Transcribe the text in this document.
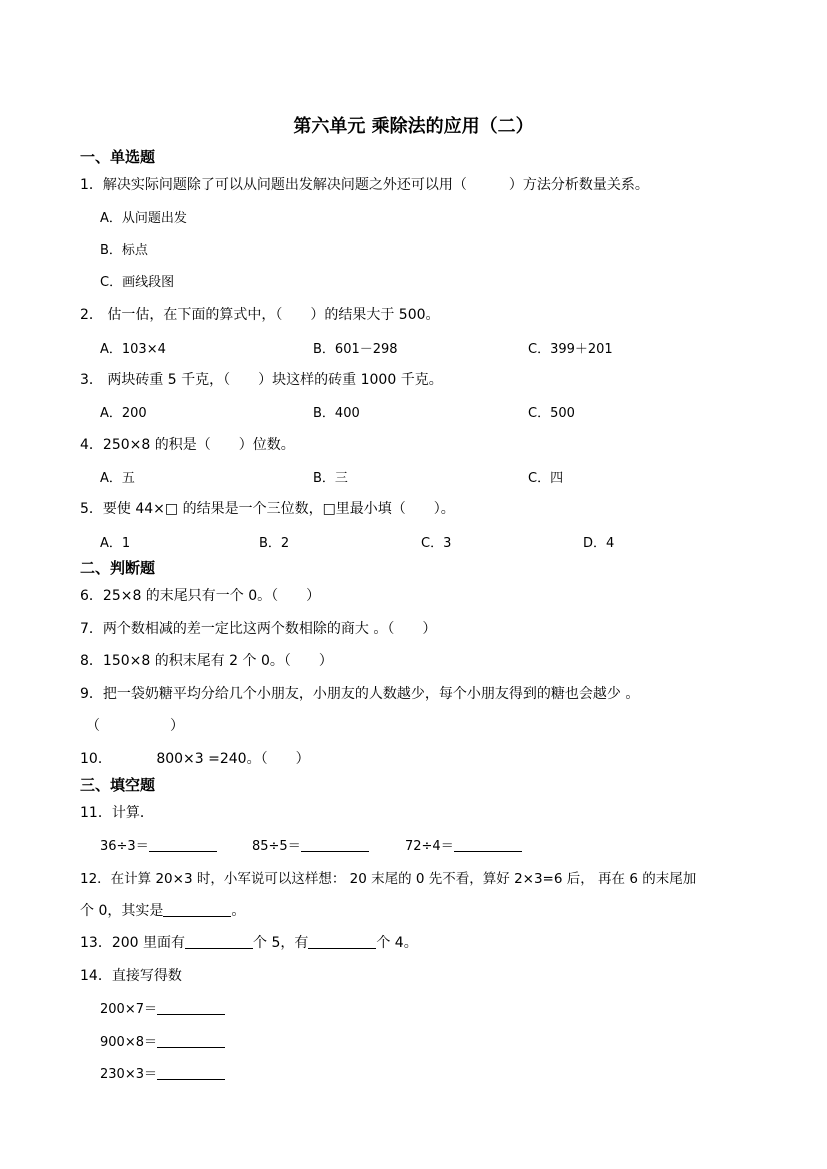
第六单元 乘除法的应用（二）
一、单选题
1．解决实际问题除了可以从问题出发解决问题之外还可以用（　　　）方法分析数量关系。
A．从问题出发
B．标点
C．画线段图
2． 估一估，在下面的算式中，（　　）的结果大于 500。
A．103×4	B．601－298	C．399＋201
3． 两块砖重 5 千克，（　　）块这样的砖重 1000 千克。
A．200	B．400	C．500
4．250×8 的积是（　　）位数。
A．五	B．三	C．四
5．要使 44×□ 的结果是一个三位数，□里最小填（　　）。
A．1	B．2	C．3	D．4
二、判断题
6．25×8 的末尾只有一个 0。（　　）
7．两个数相减的差一定比这两个数相除的商大 。（　　）
8．150×8 的积末尾有 2 个 0。（　　）
9．把一袋奶糖平均分给几个小朋友，小朋友的人数越少，每个小朋友得到的糖也会越少 。
（　　　　　）
10．          800×3 =240。（　　）
三、填空题
11．计算．
36÷3＝	85÷5＝	72÷4＝
12．在计算 20×3 时，小军说可以这样想： 20 末尾的 0 先不看，算好 2×3=6 后， 再在 6 的末尾加
个 0，其实是	。
13．200 里面有	个 5，有	个 4。
14．直接写得数
200×7＝
900×8＝
230×3＝
